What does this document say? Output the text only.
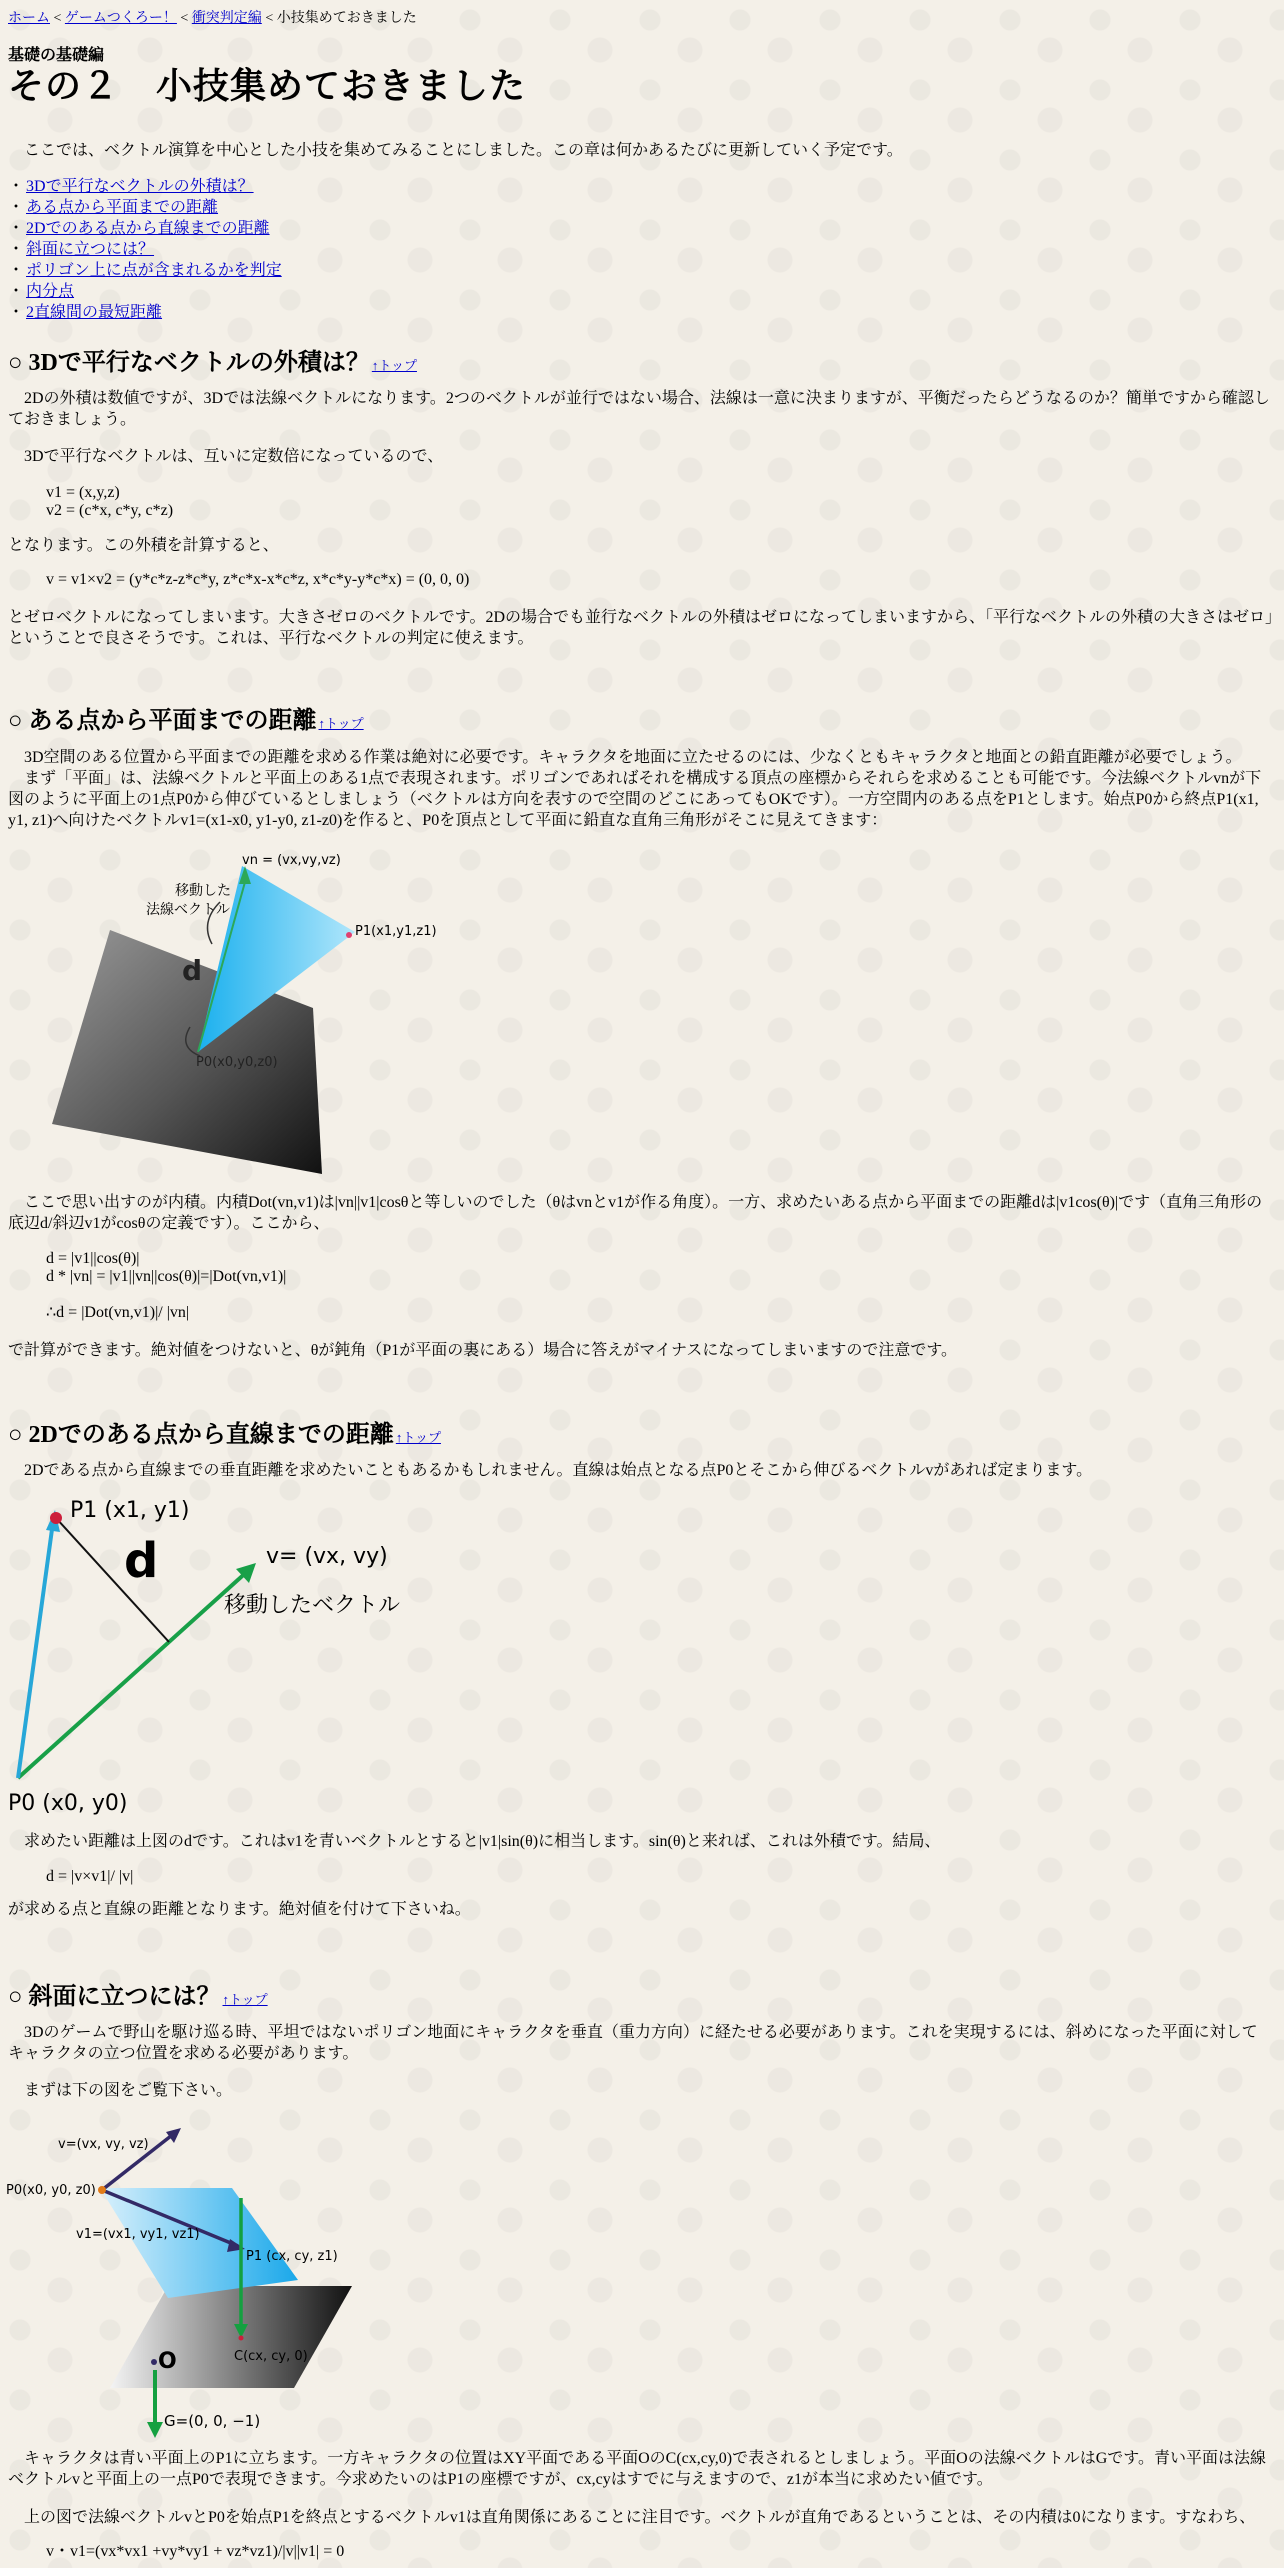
ホーム < ゲームつくろー！ < 衝突判定編 < 小技集めておきました
基礎の基礎編
その２　小技集めておきました
ここでは、ベクトル演算を中心とした小技を集めてみることにしました。この章は何かあるたびに更新していく予定です。
・ 3Dで平行なベクトルの外積は？
・ ある点から平面までの距離
・ 2Dでのある点から直線までの距離
・ 斜面に立つには？
・ ポリゴン上に点が含まれるかを判定
・ 内分点
・ 2直線間の最短距離
○ 3Dで平行なベクトルの外積は？ ↑トップ
2Dの外積は数値ですが、3Dでは法線ベクトルになります。2つのベクトルが並行ではない場合、法線は一意に決まりますが、平衡だったらどうなるのか？簡単ですから確認しておきましょう。
3Dで平行なベクトルは、互いに定数倍になっているので、
v1 = (x,y,z)
v2 = (c*x, c*y, c*z)
となります。この外積を計算すると、
v = v1×v2 = (y*c*z-z*c*y, z*c*x-x*c*z, x*c*y-y*c*x) = (0, 0, 0)
とゼロベクトルになってしまいます。大きさゼロのベクトルです。2Dの場合でも並行なベクトルの外積はゼロになってしまいますから、「平行なベクトルの外積の大きさはゼロ」ということで良さそうです。これは、平行なベクトルの判定に使えます。
○ ある点から平面までの距離 ↑トップ
3D空間のある位置から平面までの距離を求める作業は絶対に必要です。キャラクタを地面に立たせるのには、少なくともキャラクタと地面との鉛直距離が必要でしょう。
まず「平面」は、法線ベクトルと平面上のある1点で表現されます。ポリゴンであればそれを構成する頂点の座標からそれらを求めることも可能です。今法線ベクトルvnが下図のように平面上の1点P0から伸びているとしましょう（ベクトルは方向を表すので空間のどこにあってもOKです）。一方空間内のある点をP1とします。始点P0から終点P1(x1, y1, z1)へ向けたベクトルv1=(x1-x0, y1-y0, z1-z0)を作ると、P0を頂点として平面に鉛直な直角三角形がそこに見えてきます：
vn = (vx,vy,vz)
移動した
法線ベクトル
P1(x1,y1,z1)
d
P0(x0,y0,z0)
ここで思い出すのが内積。内積Dot(vn,v1)は|vn||v1|cosθと等しいのでした（θはvnとv1が作る角度）。一方、求めたいある点から平面までの距離dは|v1cos(θ)|です（直角三角形の底辺d/斜辺v1がcosθの定義です）。ここから、
d = |v1||cos(θ)|
d * |vn| = |v1||vn||cos(θ)|=|Dot(vn,v1)|
∴d = |Dot(vn,v1)|/ |vn|
で計算ができます。絶対値をつけないと、θが鈍角（P1が平面の裏にある）場合に答えがマイナスになってしまいますので注意です。
○ 2Dでのある点から直線までの距離 ↑トップ
2Dである点から直線までの垂直距離を求めたいこともあるかもしれません。直線は始点となる点P0とそこから伸びるベクトルvがあれば定まります。
P1 (x1, y1)
d	v= (vx, vy)
移動したベクトル
P0 (x0, y0)
求めたい距離は上図のdです。これはv1を青いベクトルとすると|v1|sin(θ)に相当します。sin(θ)と来れば、これは外積です。結局、
d = |v×v1|/ |v|
が求める点と直線の距離となります。絶対値を付けて下さいね。
○ 斜面に立つには？ ↑トップ
3Dのゲームで野山を駆け巡る時、平坦ではないポリゴン地面にキャラクタを垂直（重力方向）に経たせる必要があります。これを実現するには、斜めになった平面に対してキャラクタの立つ位置を求める必要があります。
まずは下の図をご覧下さい。
v=(vx, vy, vz)
P0(x0, y0, z0)
v1=(vx1, vy1, vz1)
P1 (cx, cy, z1)
O	C(cx, cy, 0)
G=(0, 0, −1)
キャラクタは青い平面上のP1に立ちます。一方キャラクタの位置はXY平面である平面OのC(cx,cy,0)で表されるとしましょう。平面Oの法線ベクトルはGです。青い平面は法線ベクトルvと平面上の一点P0で表現できます。今求めたいのはP1の座標ですが、cx,cyはすでに与えますので、z1が本当に求めたい値です。
上の図で法線ベクトルvとP0を始点P1を終点とするベクトルv1は直角関係にあることに注目です。ベクトルが直角であるということは、その内積は0になります。すなわち、
v・v1=(vx*vx1 +vy*vy1 + vz*vz1)/|v||v1| = 0
